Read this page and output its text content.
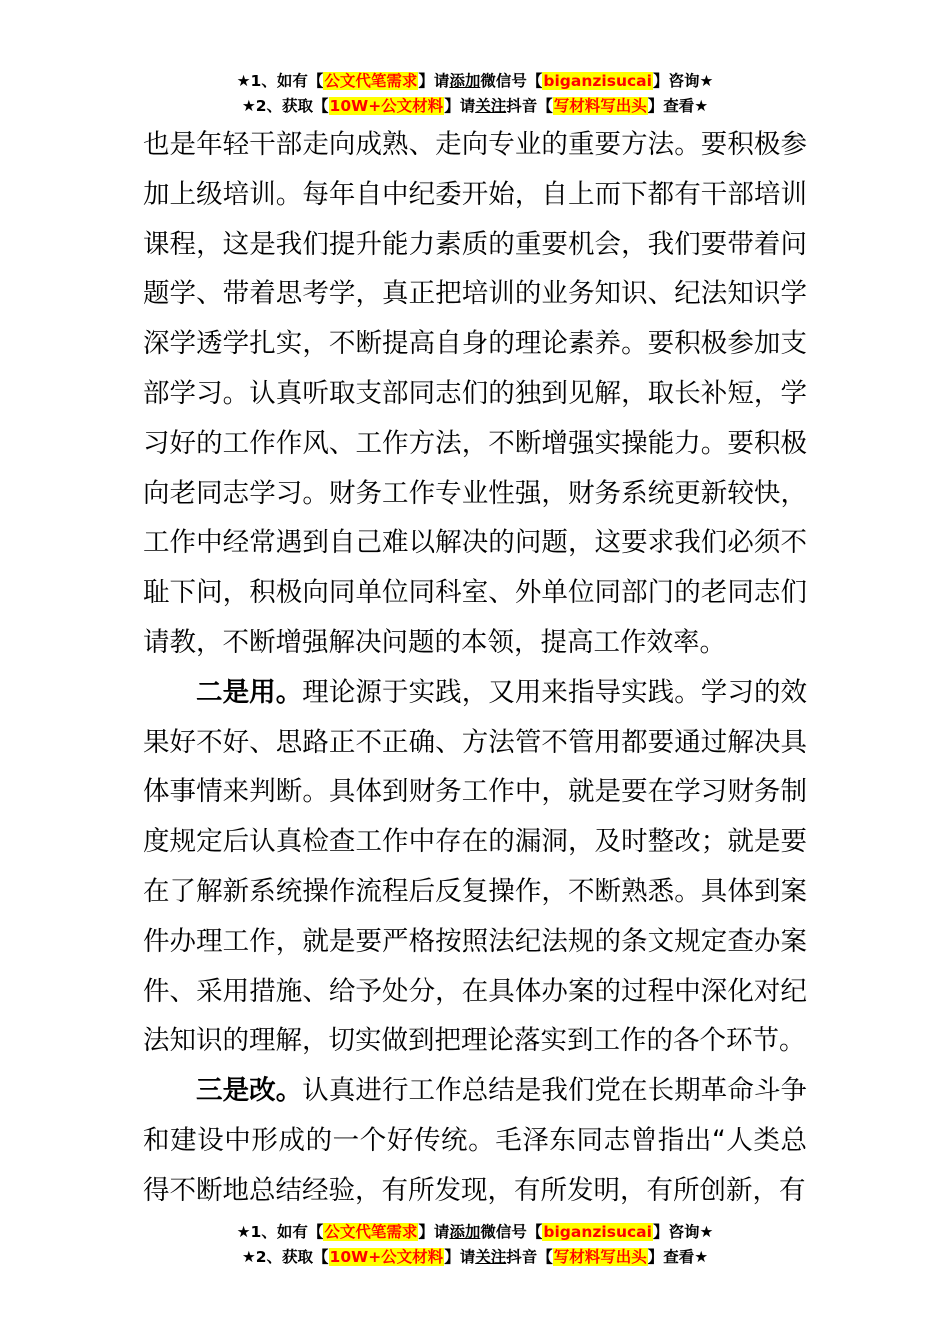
★1、如有【公文代笔需求】请添加微信号【biganzisucai】咨询★
★2、获取【10W+公文材料】请关注抖音【写材料写出头】查看★

也是年轻干部走向成熟、走向专业的重要方法。要积极参加上级培训。每年自中纪委开始，自上而下都有干部培训课程，这是我们提升能力素质的重要机会，我们要带着问题学、带着思考学，真正把培训的业务知识、纪法知识学深学透学扎实，不断提高自身的理论素养。要积极参加支部学习。认真听取支部同志们的独到见解，取长补短，学习好的工作作风、工作方法，不断增强实操能力。要积极向老同志学习。财务工作专业性强，财务系统更新较快，工作中经常遇到自己难以解决的问题，这要求我们必须不耻下问，积极向同单位同科室、外单位同部门的老同志们请教，不断增强解决问题的本领，提高工作效率。

二是用。理论源于实践，又用来指导实践。学习的效果好不好、思路正不正确、方法管不管用都要通过解决具体事情来判断。具体到财务工作中，就是要在学习财务制度规定后认真检查工作中存在的漏洞，及时整改；就是要在了解新系统操作流程后反复操作，不断熟悉。具体到案件办理工作，就是要严格按照法纪法规的条文规定查办案件、采用措施、给予处分，在具体办案的过程中深化对纪法知识的理解，切实做到把理论落实到工作的各个环节。

三是改。认真进行工作总结是我们党在长期革命斗争和建设中形成的一个好传统。毛泽东同志曾指出“人类总得不断地总结经验，有所发现，有所发明，有所创新，有

★1、如有【公文代笔需求】请添加微信号【biganzisucai】咨询★
★2、获取【10W+公文材料】请关注抖音【写材料写出头】查看★
